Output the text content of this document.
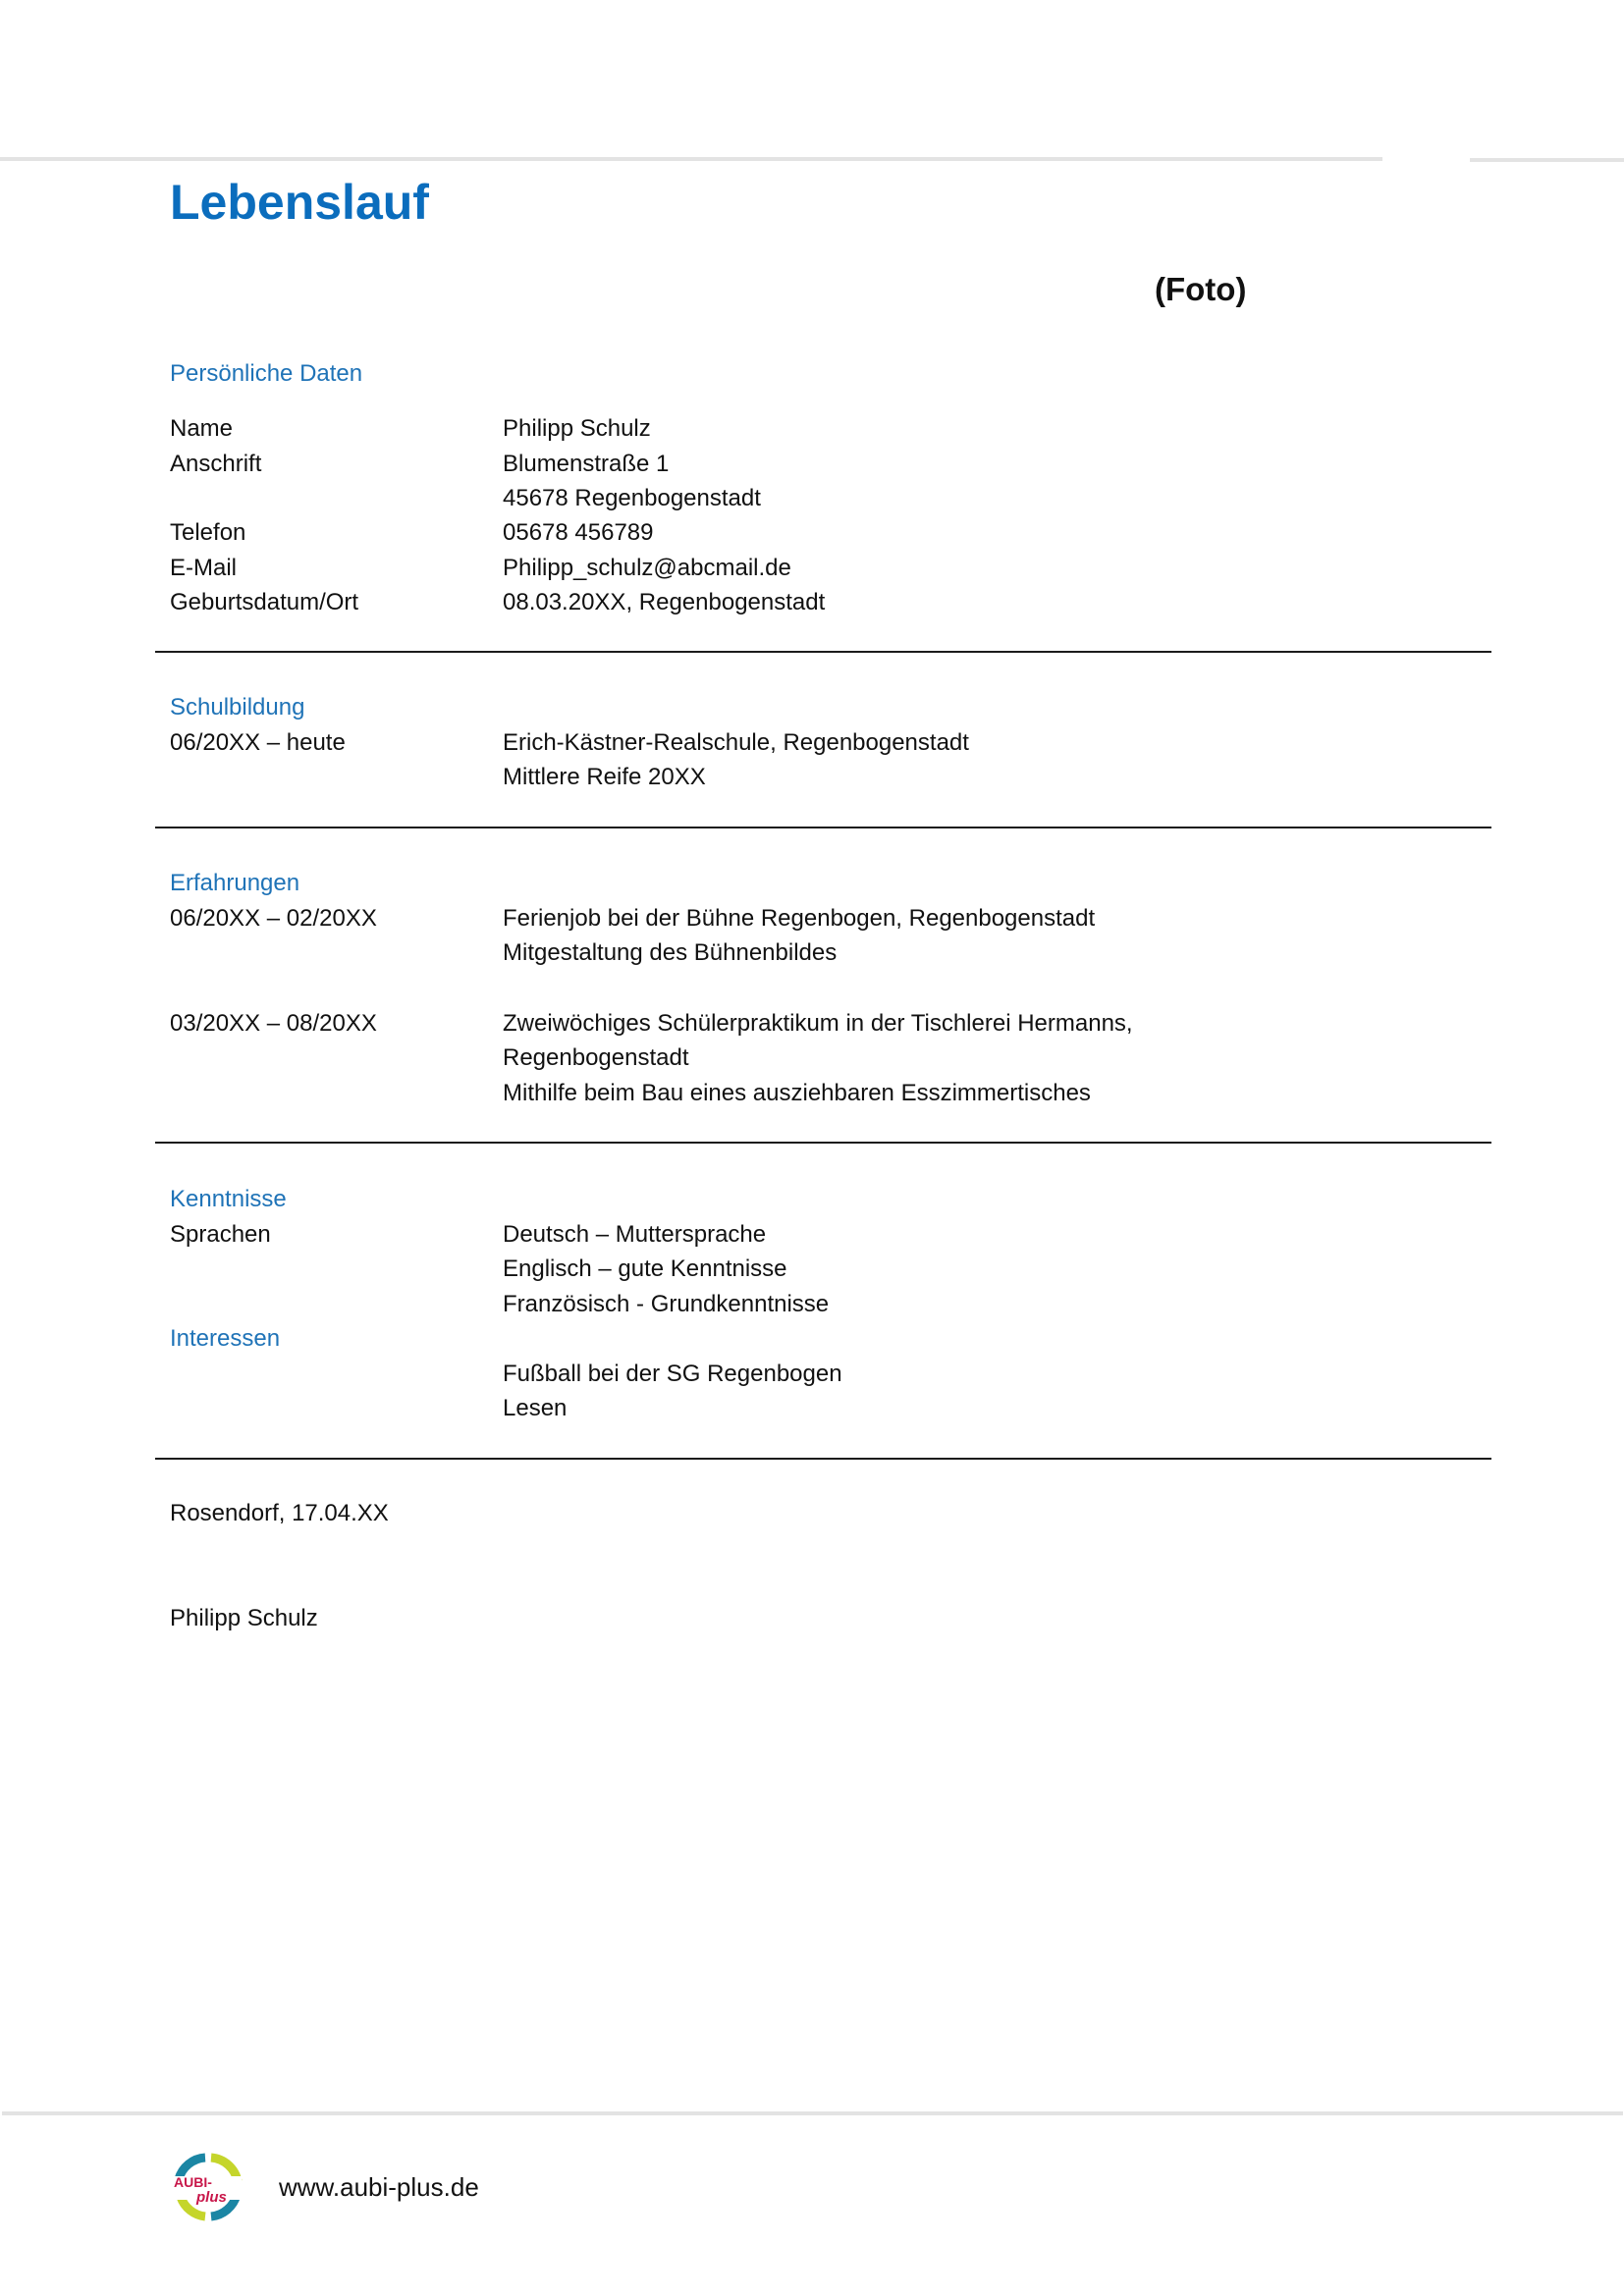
Lebenslauf
(Foto)
Persönliche Daten
Name	Philipp Schulz
Anschrift	Blumenstraße 1
45678 Regenbogenstadt
Telefon	05678 456789
E-Mail	Philipp_schulz@abcmail.de
Geburtsdatum/Ort	08.03.20XX, Regenbogenstadt
Schulbildung
06/20XX – heute	Erich-Kästner-Realschule, Regenbogenstadt
Mittlere Reife 20XX
Erfahrungen
06/20XX – 02/20XX	Ferienjob bei der Bühne Regenbogen, Regenbogenstadt
Mitgestaltung des Bühnenbildes
03/20XX – 08/20XX	Zweiwöchiges Schülerpraktikum in der Tischlerei Hermanns,
Regenbogenstadt
Mithilfe beim Bau eines ausziehbaren Esszimmertisches
Kenntnisse
Sprachen	Deutsch – Muttersprache
Englisch – gute Kenntnisse
Französisch - Grundkenntnisse
Interessen
Fußball bei der SG Regenbogen
Lesen
Rosendorf, 17.04.XX
Philipp Schulz
AUBI-
plus www.aubi-plus.de
